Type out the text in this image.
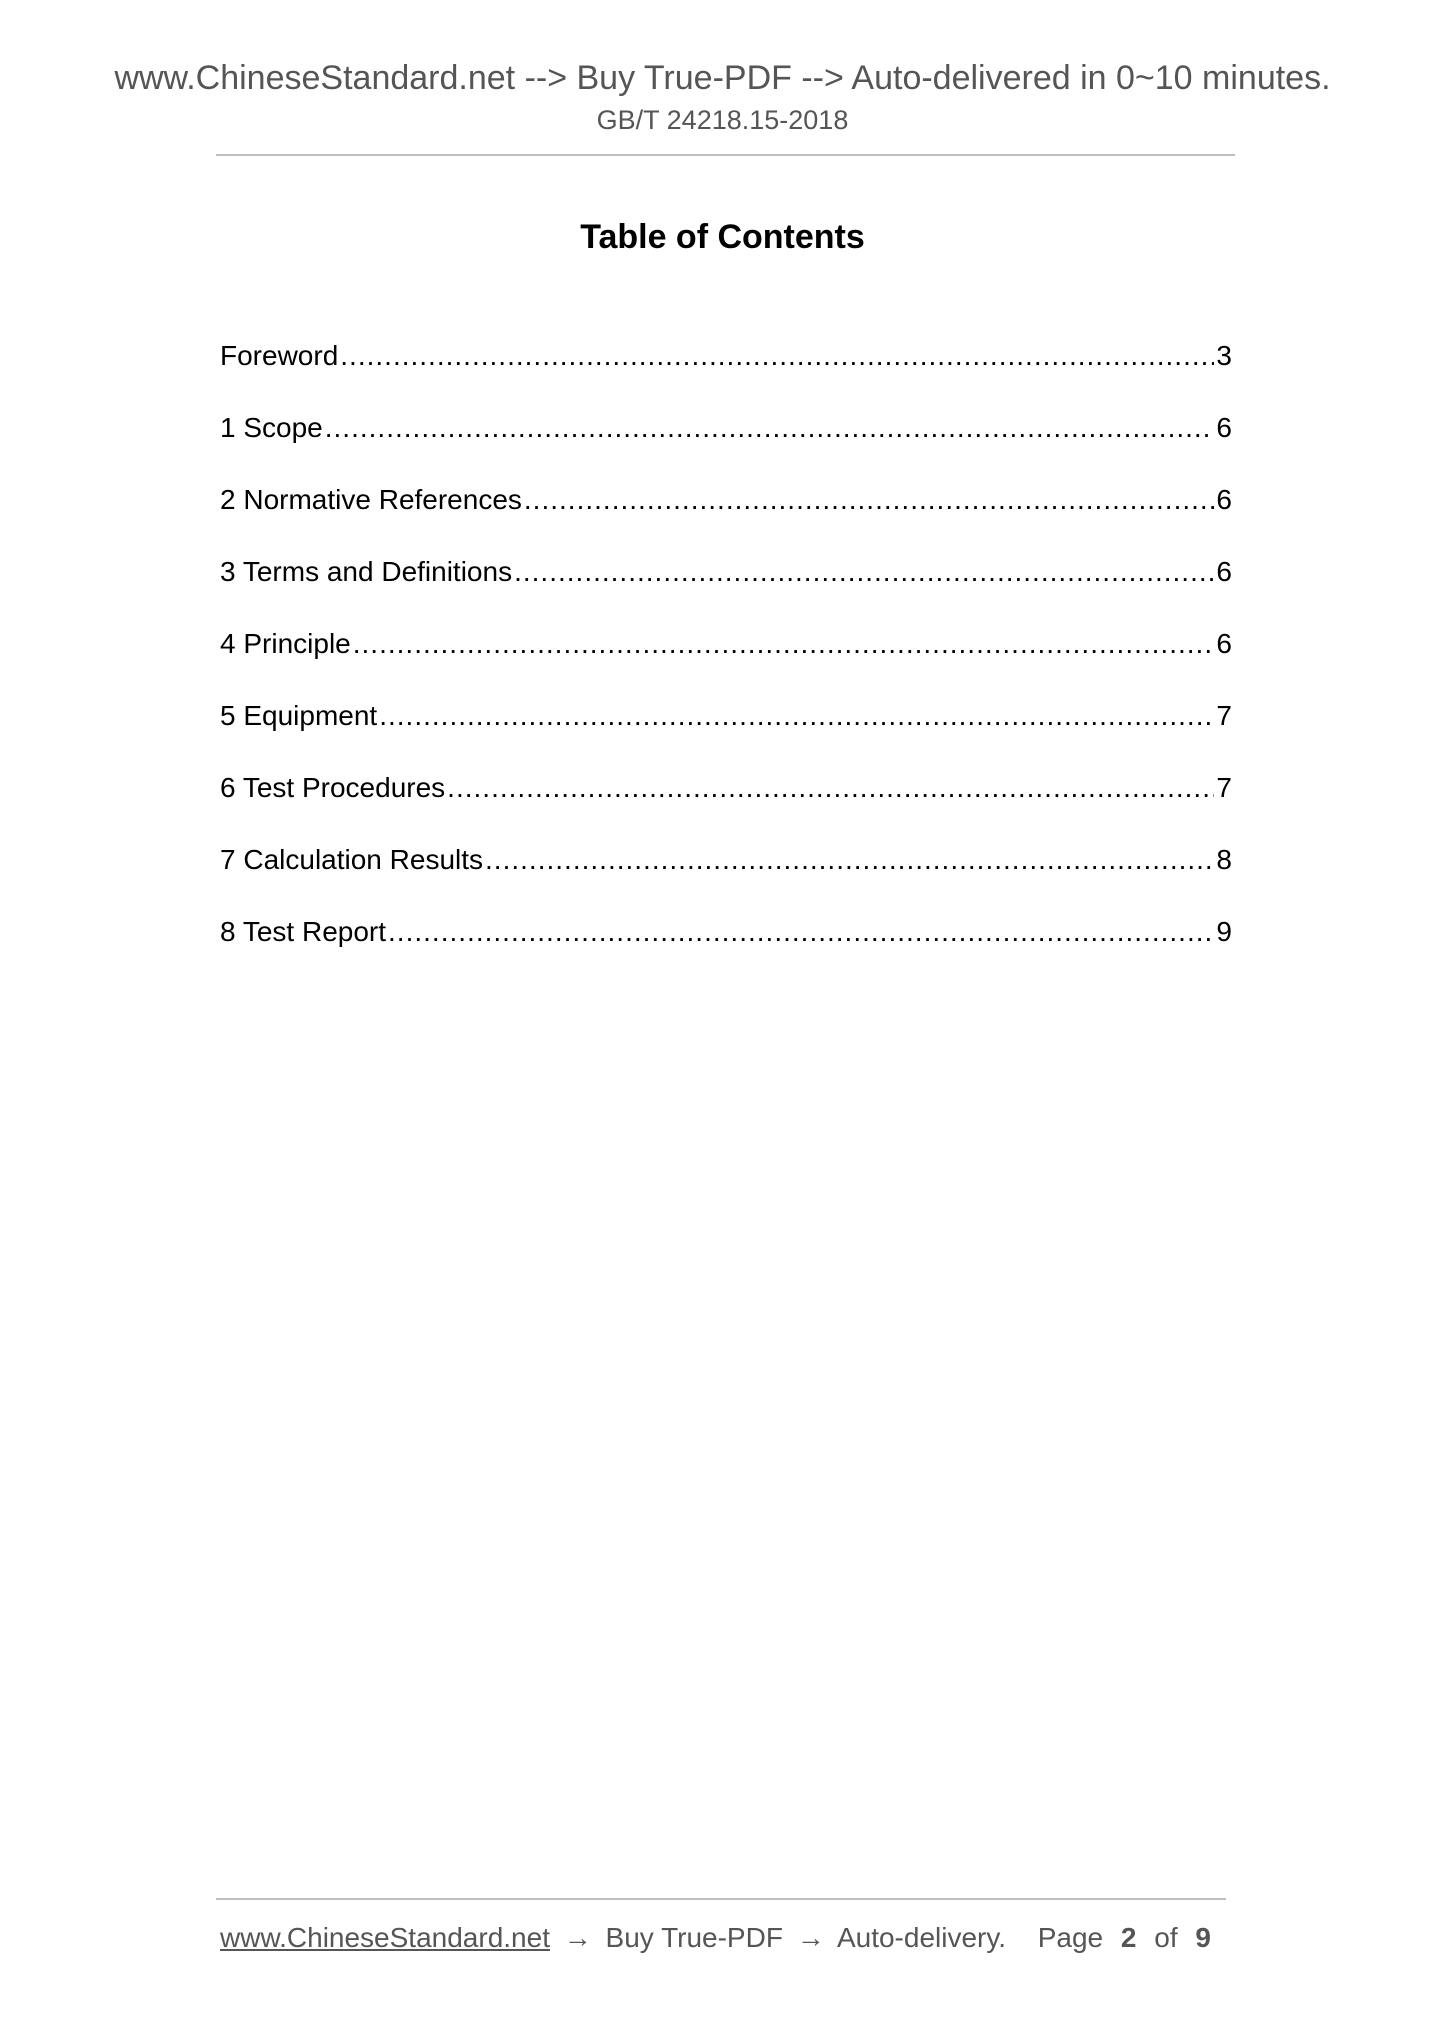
www.ChineseStandard.net --> Buy True-PDF --> Auto-delivered in 0~10 minutes.
GB/T 24218.15-2018
Table of Contents
Foreword .....	3
1 Scope .....	6
2 Normative References .....	6
3 Terms and Definitions .....	6
4 Principle .....	6
5 Equipment .....	7
6 Test Procedures .....	7
7 Calculation Results .....	8
8 Test Report .....	9
www.ChineseStandard.net → Buy True-PDF → Auto-delivery. Page 2 of 9
